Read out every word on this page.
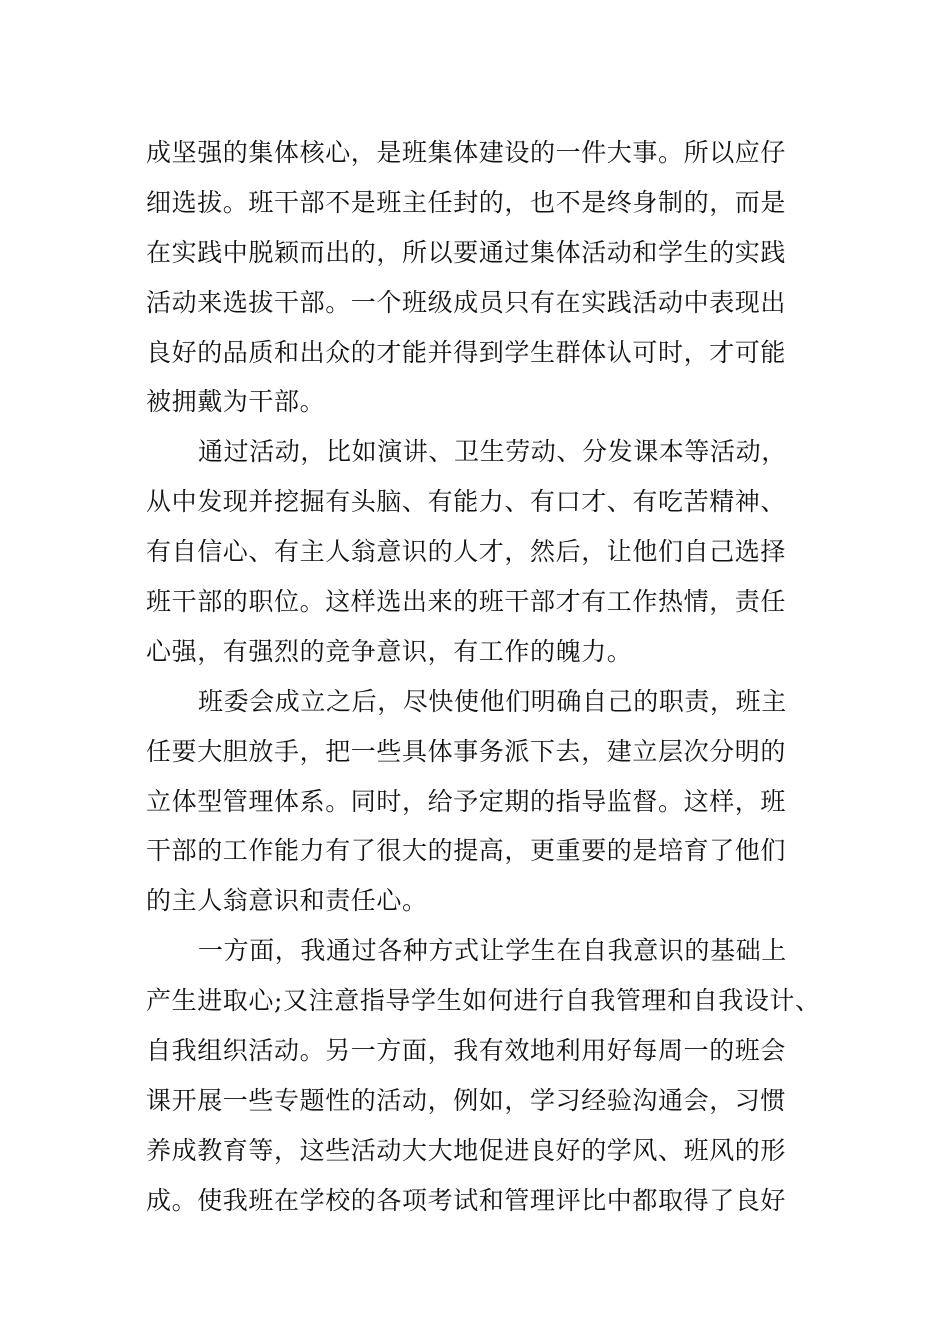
成坚强的集体核心，是班集体建设的一件大事。所以应仔
细选拔。班干部不是班主任封的，也不是终身制的，而是
在实践中脱颖而出的，所以要通过集体活动和学生的实践
活动来选拔干部。一个班级成员只有在实践活动中表现出
良好的品质和出众的才能并得到学生群体认可时，才可能
被拥戴为干部。
通过活动，比如演讲、卫生劳动、分发课本等活动，
从中发现并挖掘有头脑、有能力、有口才、有吃苦精神、
有自信心、有主人翁意识的人才，然后，让他们自己选择
班干部的职位。这样选出来的班干部才有工作热情，责任
心强，有强烈的竞争意识，有工作的魄力。
班委会成立之后，尽快使他们明确自己的职责，班主
任要大胆放手，把一些具体事务派下去，建立层次分明的
立体型管理体系。同时，给予定期的指导监督。这样，班
干部的工作能力有了很大的提高，更重要的是培育了他们
的主人翁意识和责任心。
一方面，我通过各种方式让学生在自我意识的基础上
产生进取心;又注意指导学生如何进行自我管理和自我设计、
自我组织活动。另一方面，我有效地利用好每周一的班会
课开展一些专题性的活动，例如，学习经验沟通会，习惯
养成教育等，这些活动大大地促进良好的学风、班风的形
成。使我班在学校的各项考试和管理评比中都取得了良好
